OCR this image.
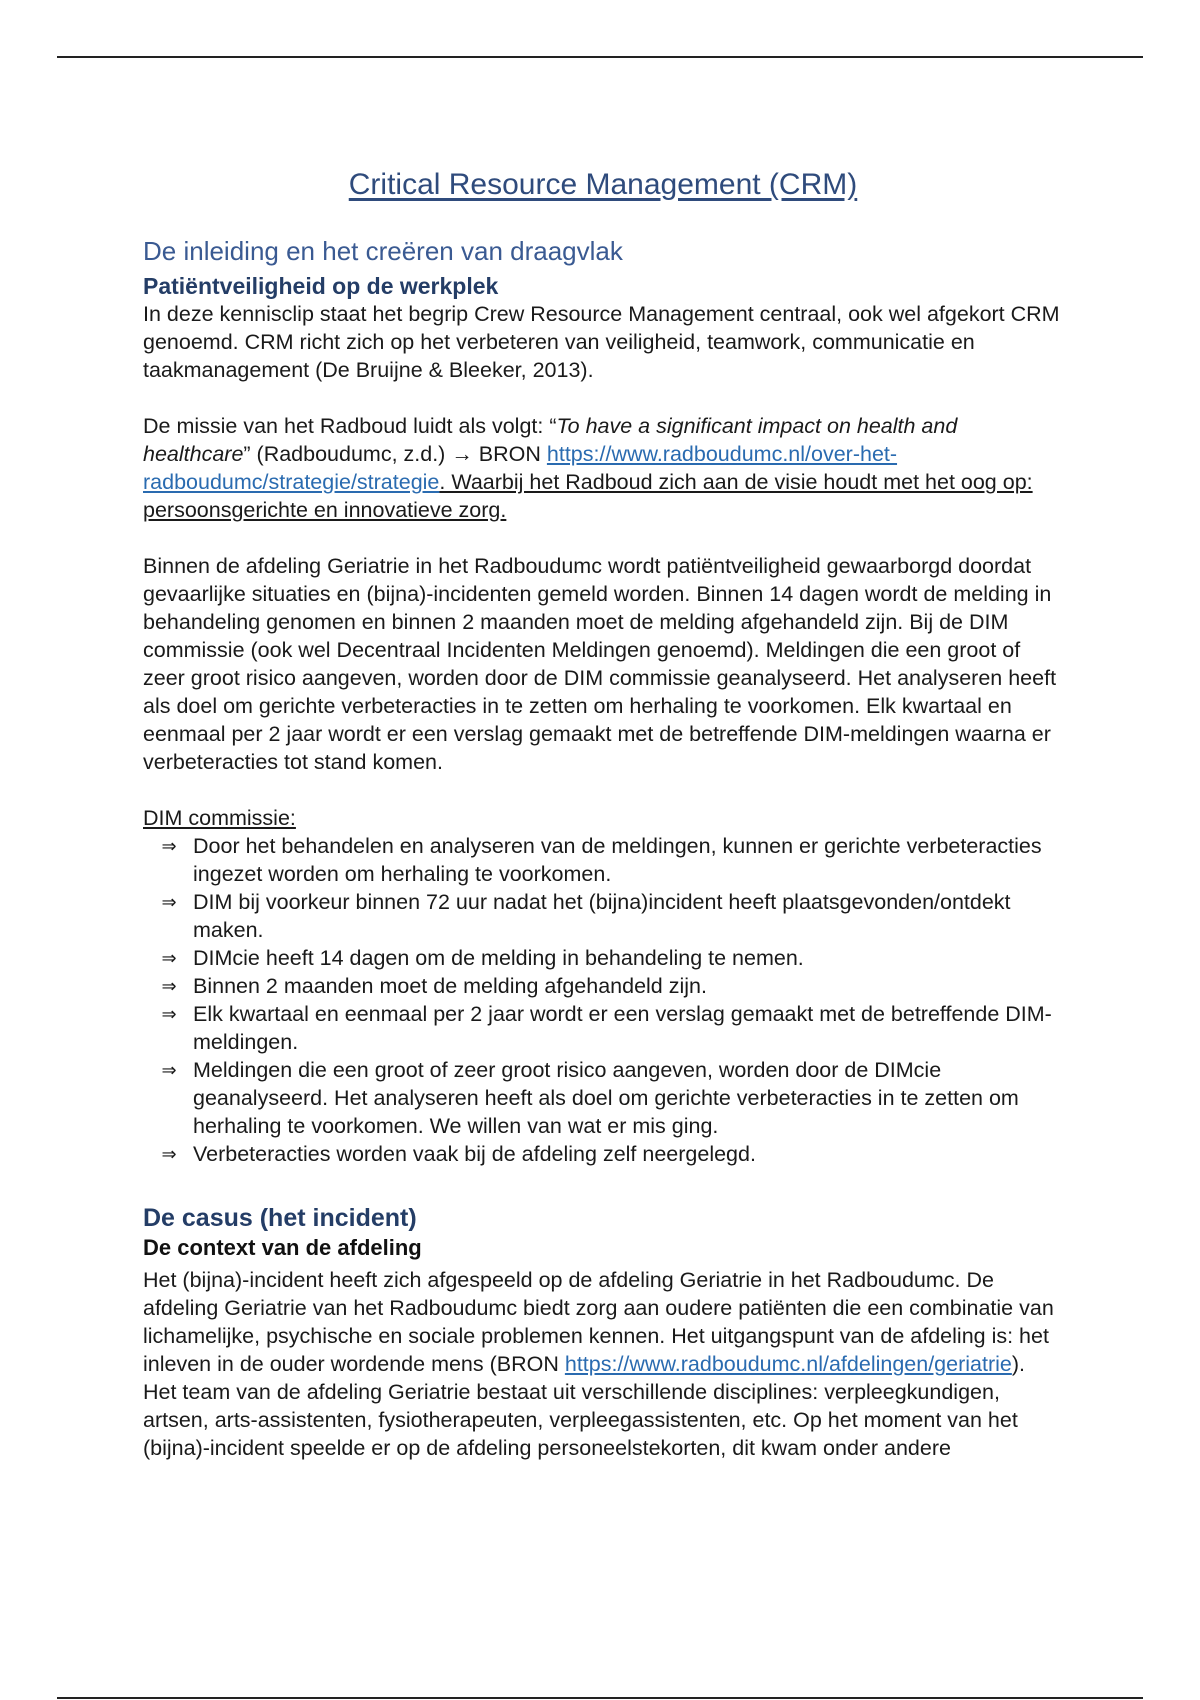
Critical Resource Management (CRM)
De inleiding en het creëren van draagvlak
Patiëntveiligheid op de werkplek

In deze kennisclip staat het begrip Crew Resource Management centraal, ook wel afgekort CRM genoemd. CRM richt zich op het verbeteren van veiligheid, teamwork, communicatie en taakmanagement (De Bruijne & Bleeker, 2013).

De missie van het Radboud luidt als volgt: “To have a significant impact on health and healthcare” (Radboudumc, z.d.) → BRON https://www.radboudumc.nl/over-het-radboudumc/strategie/strategie. Waarbij het Radboud zich aan de visie houdt met het oog op: persoonsgerichte en innovatieve zorg.

Binnen de afdeling Geriatrie in het Radboudumc wordt patiëntveiligheid gewaarborgd doordat gevaarlijke situaties en (bijna)-incidenten gemeld worden. Binnen 14 dagen wordt de melding in behandeling genomen en binnen 2 maanden moet de melding afgehandeld zijn. Bij de DIM commissie (ook wel Decentraal Incidenten Meldingen genoemd). Meldingen die een groot of zeer groot risico aangeven, worden door de DIM commissie geanalyseerd. Het analyseren heeft als doel om gerichte verbeteracties in te zetten om herhaling te voorkomen. Elk kwartaal en eenmaal per 2 jaar wordt er een verslag gemaakt met de betreffende DIM-meldingen waarna er verbeteracties tot stand komen.

DIM commissie:

⇒ Door het behandelen en analyseren van de meldingen, kunnen er gerichte verbeteracties ingezet worden om herhaling te voorkomen.
⇒ DIM bij voorkeur binnen 72 uur nadat het (bijna)incident heeft plaatsgevonden/ontdekt maken.
⇒ DIMcie heeft 14 dagen om de melding in behandeling te nemen.
⇒ Binnen 2 maanden moet de melding afgehandeld zijn.
⇒ Elk kwartaal en eenmaal per 2 jaar wordt er een verslag gemaakt met de betreffende DIM-meldingen.
⇒ Meldingen die een groot of zeer groot risico aangeven, worden door de DIMcie geanalyseerd. Het analyseren heeft als doel om gerichte verbeteracties in te zetten om herhaling te voorkomen. We willen van wat er mis ging.
⇒ Verbeteracties worden vaak bij de afdeling zelf neergelegd.
De casus (het incident)
De context van de afdeling

Het (bijna)-incident heeft zich afgespeeld op de afdeling Geriatrie in het Radboudumc. De afdeling Geriatrie van het Radboudumc biedt zorg aan oudere patiënten die een combinatie van lichamelijke, psychische en sociale problemen kennen. Het uitgangspunt van de afdeling is: het inleven in de ouder wordende mens (BRON https://www.radboudumc.nl/afdelingen/geriatrie). Het team van de afdeling Geriatrie bestaat uit verschillende disciplines: verpleegkundigen, artsen, arts-assistenten, fysiotherapeuten, verpleegassistenten, etc. Op het moment van het (bijna)-incident speelde er op de afdeling personeelstekorten, dit kwam onder andere
